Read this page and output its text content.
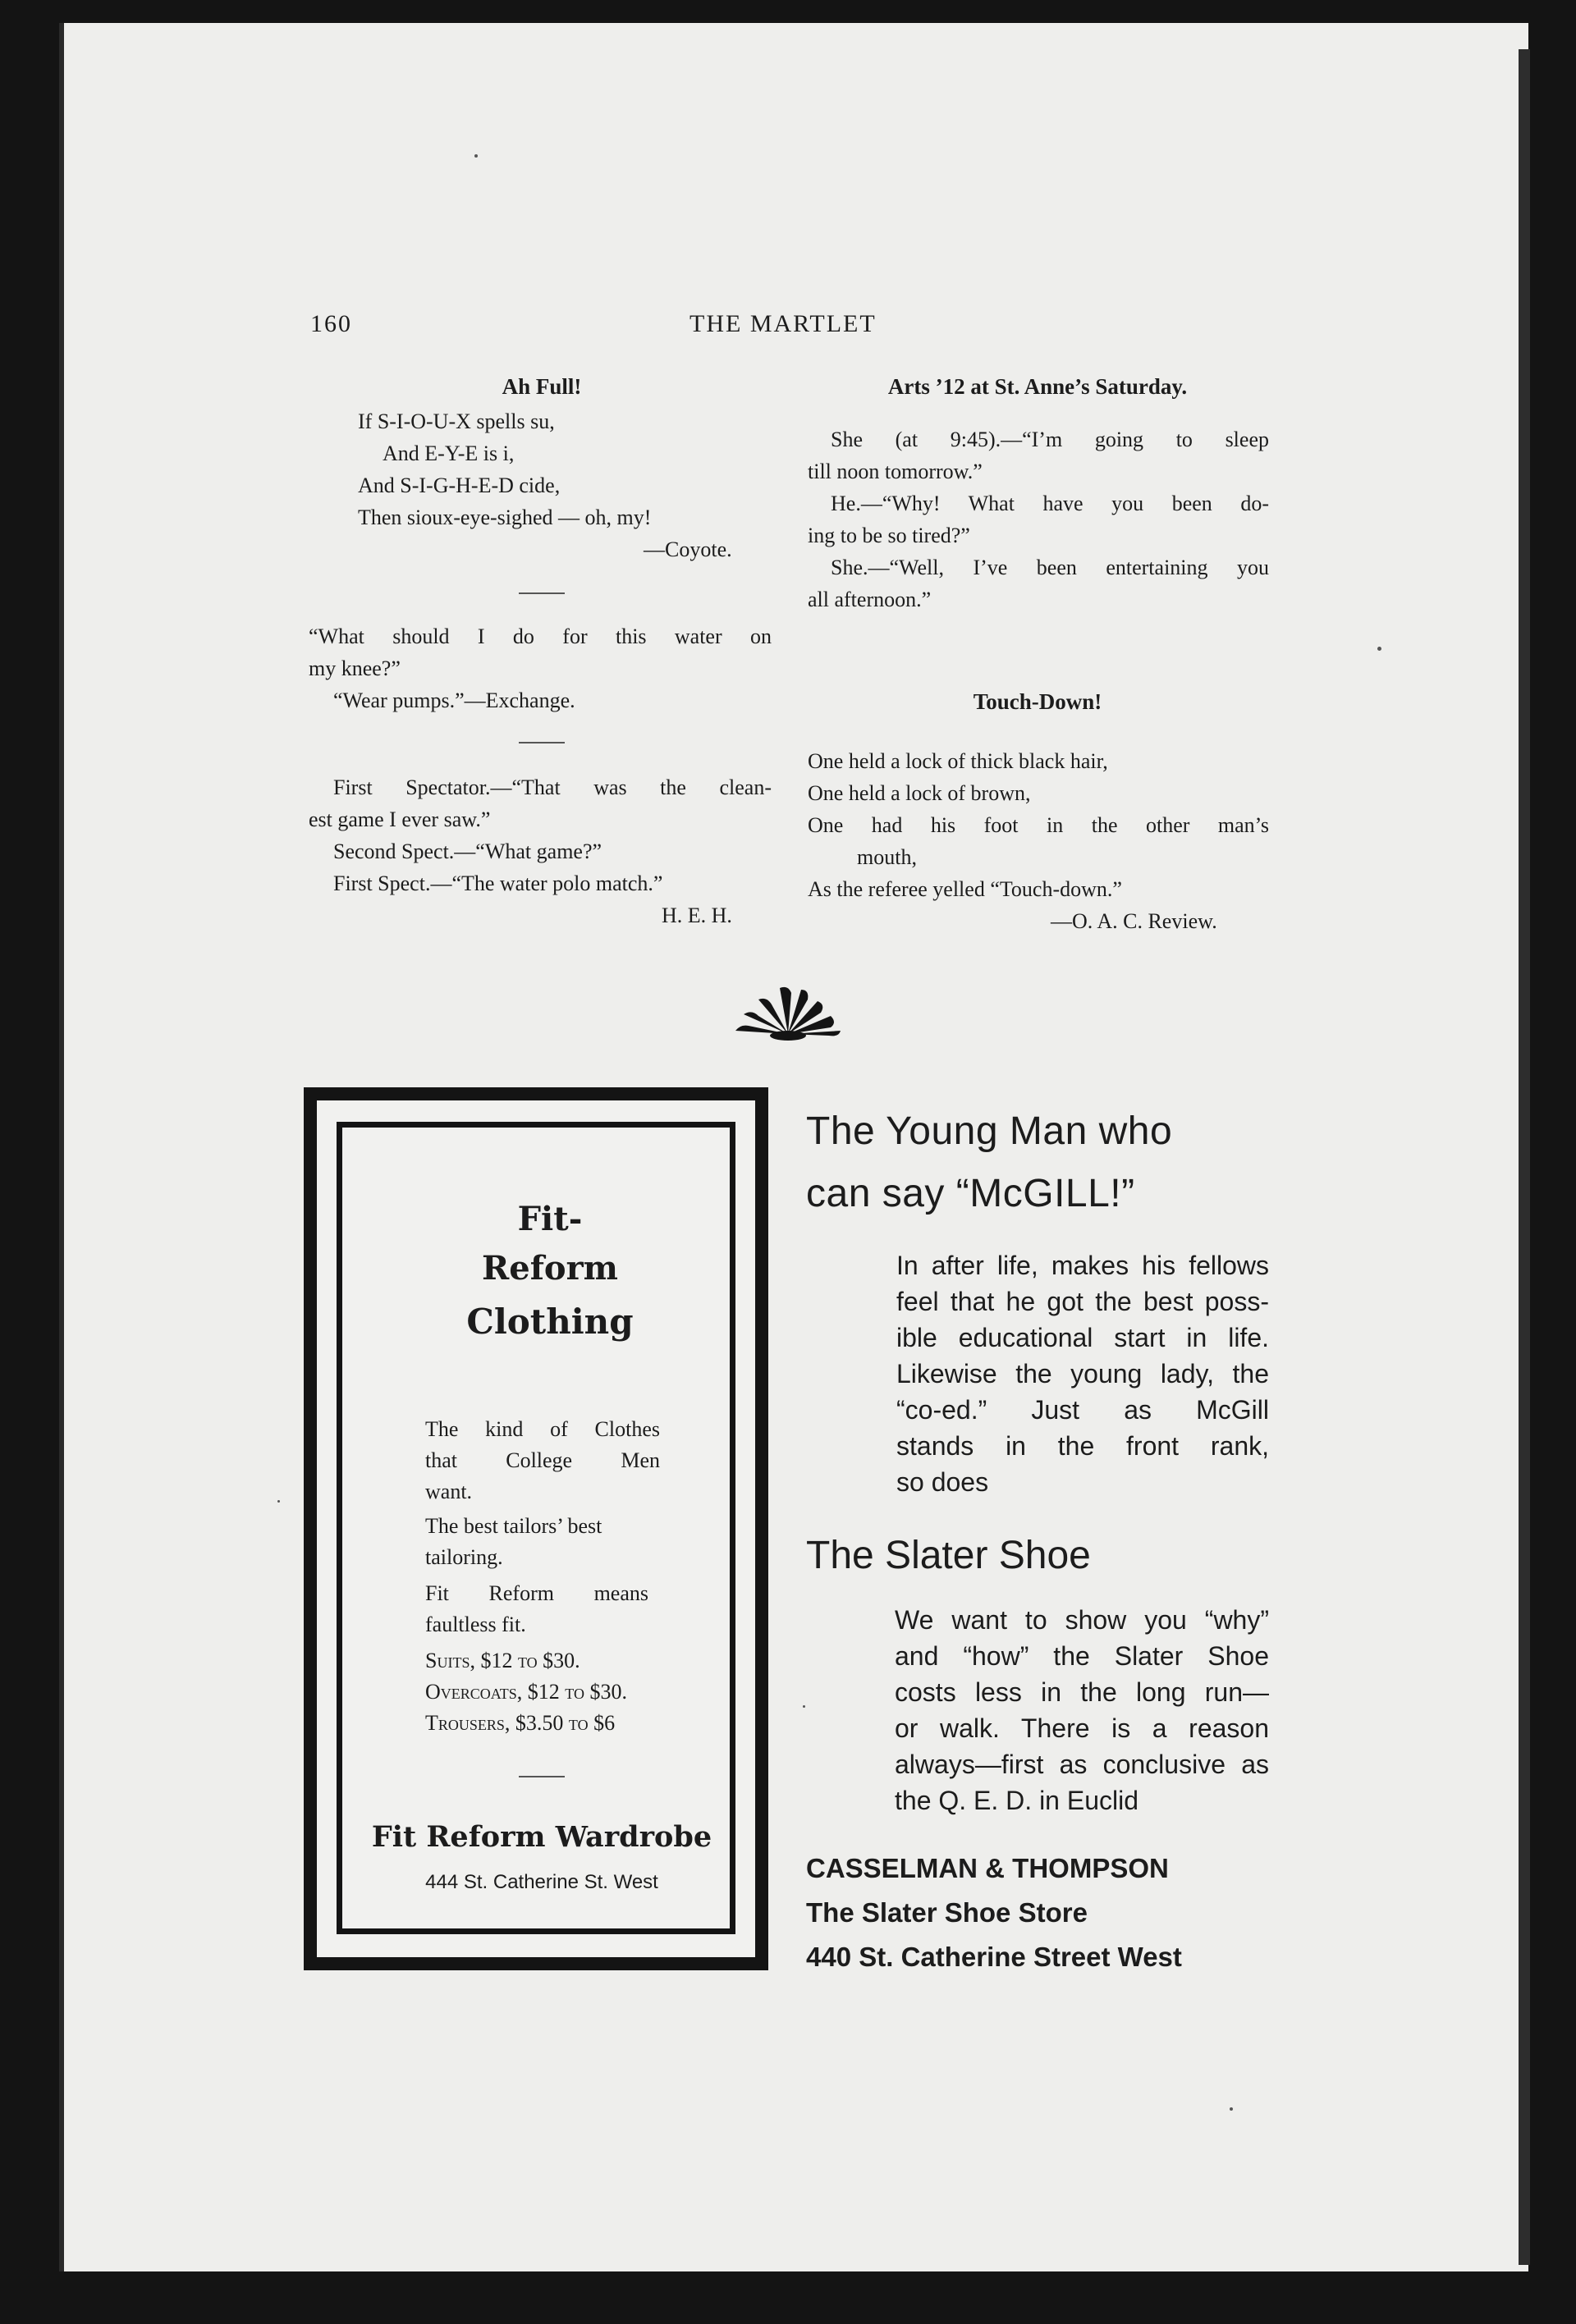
160	THE MARTLET
Ah Full!
If S-I-O-U-X spells su,
And E-Y-E is i,
And S-I-G-H-E-D cide,
Then sioux-eye-sighed — oh, my!
—Coyote.
“What should I do for this water on
my knee?”
“Wear pumps.”—Exchange.
First Spectator.—“That was the clean-
est game I ever saw.”
Second Spect.—“What game?”
First Spect.—“The water polo match.”
H. E. H.
Arts ’12 at St. Anne’s Saturday.
She (at 9:45).—“I’m going to sleep
till noon tomorrow.”
He.—“Why! What have you been do-
ing to be so tired?”
She.—“Well, I’ve been entertaining you
all afternoon.”
Touch-Down!
One held a lock of thick black hair,
One held a lock of brown,
One had his foot in the other man’s
mouth,
As the referee yelled “Touch-down.”
—O. A. C. Review.
Fit-
Reform
Clothing
The kind of Clothes
that College Men
want.
The best tailors’ best
tailoring.
Fit Reform means
faultless fit.
Suits, $12 to $30.
Overcoats, $12 to $30.
Trousers, $3.50 to $6
Fit Reform Wardrobe
444 St. Catherine St. West
The Young Man who
can say “McGILL!”
In after life, makes his fellows
feel that he got the best poss-
ible educational start in life.
Likewise the young lady, the
“co-ed.” Just as McGill
stands in the front rank,
so does
The Slater Shoe
We want to show you “why”
and “how” the Slater Shoe
costs less in the long run—
or walk. There is a reason
always—first as conclusive as
the Q. E. D. in Euclid
CASSELMAN & THOMPSON
The Slater Shoe Store
440 St. Catherine Street West
